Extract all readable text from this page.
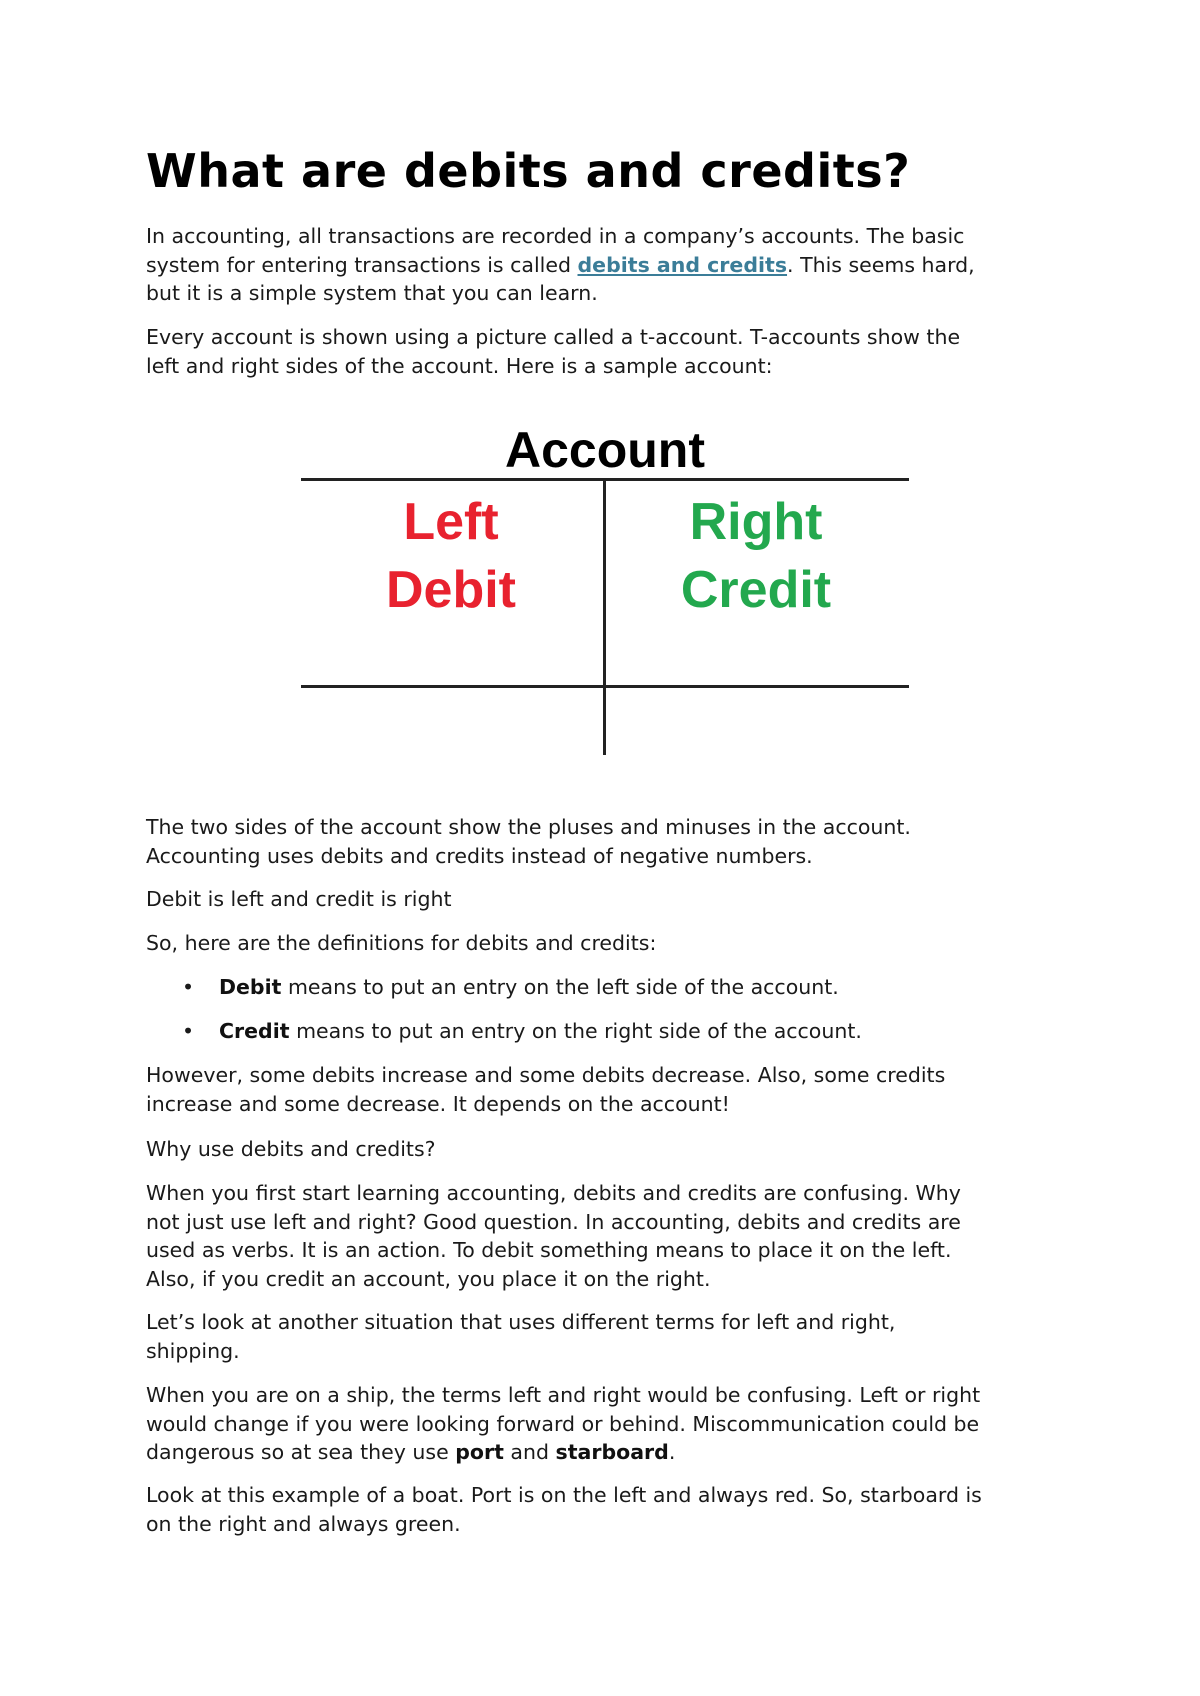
What are debits and credits?

In accounting, all transactions are recorded in a company’s accounts. The basic
system for entering transactions is called debits and credits. This seems hard,
but it is a simple system that you can learn.

Every account is shown using a picture called a t-account. T-accounts show the
left and right sides of the account. Here is a sample account:

The two sides of the account show the pluses and minuses in the account.
Accounting uses debits and credits instead of negative numbers.

Debit is left and credit is right

So, here are the definitions for debits and credits:

• Debit means to put an entry on the left side of the account.
• Credit means to put an entry on the right side of the account.

However, some debits increase and some debits decrease. Also, some credits
increase and some decrease. It depends on the account!

Why use debits and credits?

When you first start learning accounting, debits and credits are confusing. Why
not just use left and right? Good question. In accounting, debits and credits are
used as verbs. It is an action. To debit something means to place it on the left.
Also, if you credit an account, you place it on the right.

Let’s look at another situation that uses different terms for left and right,
shipping.

When you are on a ship, the terms left and right would be confusing. Left or right
would change if you were looking forward or behind. Miscommunication could be
dangerous so at sea they use port and starboard.

Look at this example of a boat. Port is on the left and always red. So, starboard is
on the right and always green.

Account
Left
Debit
Right
Credit
